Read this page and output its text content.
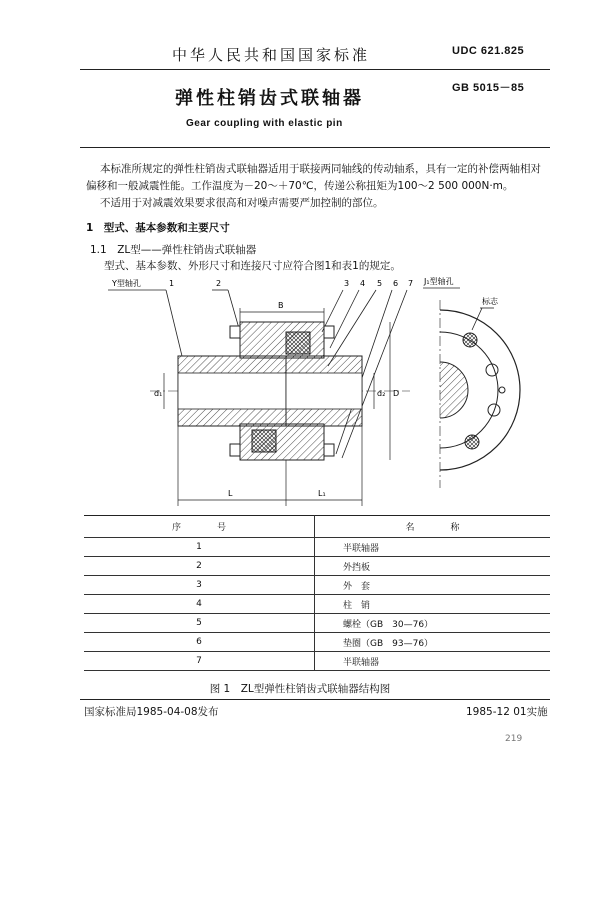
中华人民共和国国家标准	UDC 621.825
GB 5015－85
弹性柱销齿式联轴器
Gear coupling with elastic pin
本标准所规定的弹性柱销齿式联轴器适用于联接两同轴线的传动轴系，具有一定的补偿两轴相对
偏移和一般减震性能。工作温度为－20～＋70℃，传递公称扭矩为100～2 500 000N·m。
不适用于对减震效果要求很高和对噪声需要严加控制的部位。
1　型式、基本参数和主要尺寸
1.1　ZL型——弹性柱销齿式联轴器
型式、基本参数、外形尺寸和连接尺寸应符合图1和表1的规定。
Y型轴孔	1	2	3 4 5 6 7 J₁型轴孔
标志
B
L	L₁
d₁	d₂ D
序　　　　号	名　　　　称
1	半联轴器
2	外挡板
3	外　套
4	柱　销
5	螺栓（GB　30—76）
6	垫圈（GB　93—76）
7	半联轴器
图 1　ZL型弹性柱销齿式联轴器结构图
国家标准局1985-04-08发布	1985-12 01实施
219
